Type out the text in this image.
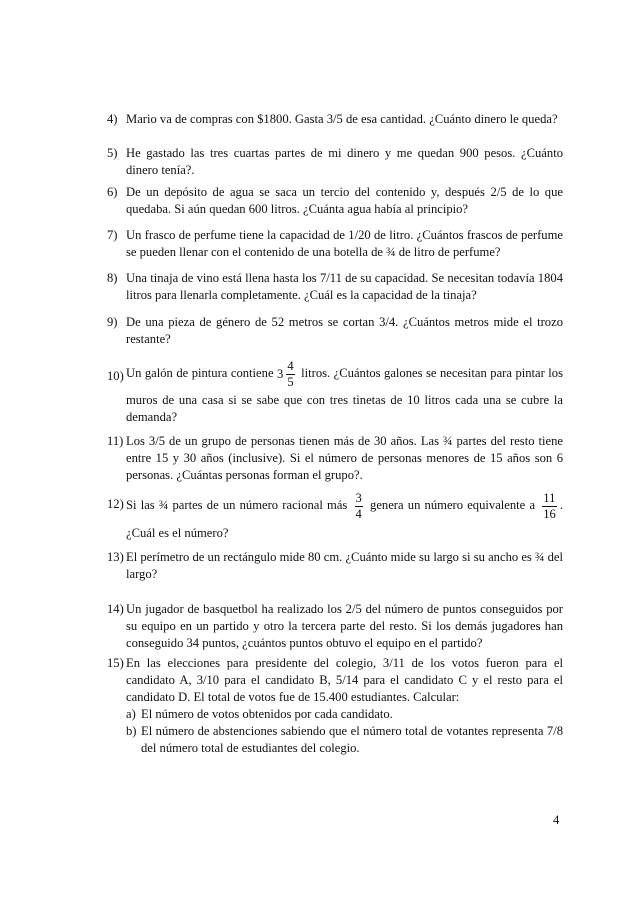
4) Mario va de compras con $1800. Gasta 3/5 de esa cantidad. ¿Cuánto dinero le queda?
5) He gastado las tres cuartas partes de mi dinero y me quedan 900 pesos. ¿Cuánto dinero tenía?.
6) De un depósito de agua se saca un tercio del contenido y, después 2/5 de lo que quedaba. Si aún quedan 600 litros. ¿Cuánta agua había al principio?
7) Un frasco de perfume tiene la capacidad de 1/20 de litro. ¿Cuántos frascos de perfume se pueden llenar con el contenido de una botella de ¾ de litro de perfume?
8) Una tinaja de vino está llena hasta los 7/11 de su capacidad. Se necesitan todavía 1804 litros para llenarla completamente. ¿Cuál es la capacidad de la tinaja?
9) De una pieza de género de 52 metros se cortan 3/4. ¿Cuántos metros mide el trozo restante?
10) Un galón de pintura contiene $3 \frac{4}{5}$ litros. ¿Cuántos galones se necesitan para pintar los
muros de una casa si se sabe que con tres tinetas de 10 litros cada una se cubre la demanda?
11) Los 3/5 de un grupo de personas tienen más de 30 años. Las ¾ partes del resto tiene entre 15 y 30 años (inclusive). Si el número de personas menores de 15 años son 6 personas. ¿Cuántas personas forman el grupo?.
12) Si las ¾ partes de un número racional más $\frac{3}{4}$ genera un número equivalente a $\frac{11}{16}$ .
¿Cuál es el número?
13) El perímetro de un rectángulo mide 80 cm. ¿Cuánto mide su largo si su ancho es ¾ del largo?
14) Un jugador de basquetbol ha realizado los 2/5 del número de puntos conseguidos por su equipo en un partido y otro la tercera parte del resto. Si los demás jugadores han conseguido 34 puntos, ¿cuántos puntos obtuvo el equipo en el partido?
15) En las elecciones para presidente del colegio, 3/11 de los votos fueron para el candidato A, 3/10 para el candidato B, 5/14 para el candidato C y el resto para el candidato D. El total de votos fue de 15.400 estudiantes. Calcular:
a) El número de votos obtenidos por cada candidato.
b) El número de abstenciones sabiendo que el número total de votantes representa 7/8 del número total de estudiantes del colegio.
4
